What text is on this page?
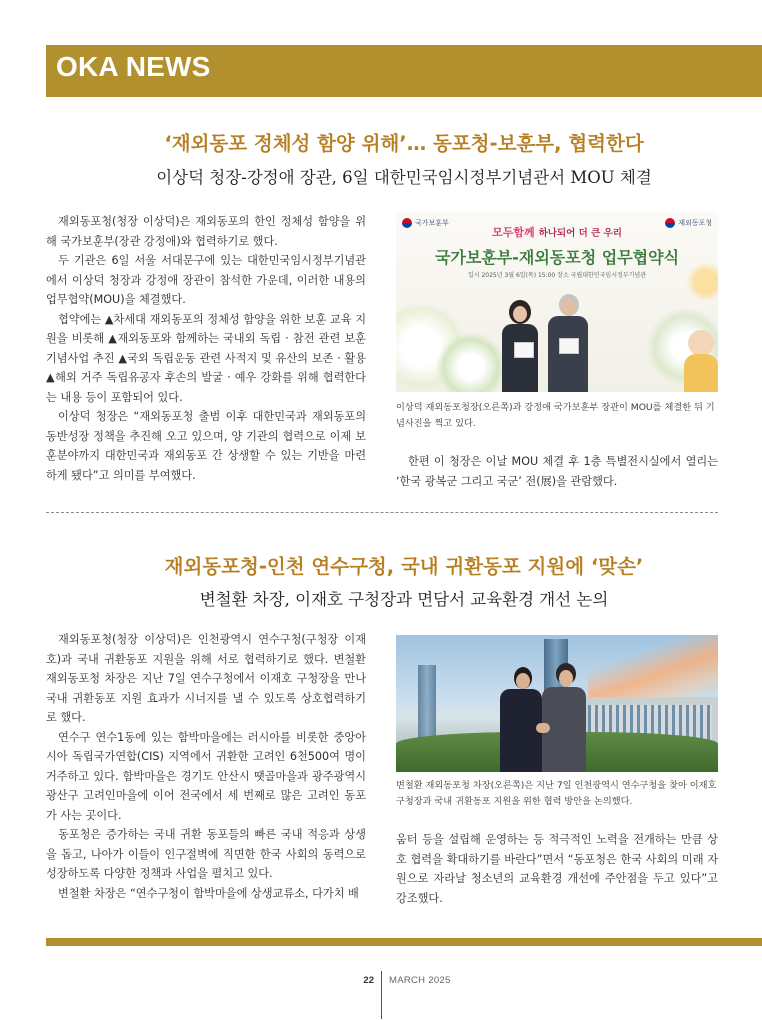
OKA NEWS
‘재외동포 정체성 함양 위해’… 동포청-보훈부, 협력한다
이상덕 청장-강정애 장관, 6일 대한민국임시정부기념관서 MOU 체결

재외동포청(청장 이상덕)은 재외동포의 한인 정체성 함양을 위해 국가보훈부(장관 강정애)와 협력하기로 했다.

두 기관은 6일 서울 서대문구에 있는 대한민국임시정부기념관에서 이상덕 청장과 강정애 장관이 참석한 가운데, 이러한 내용의 업무협약(MOU)을 체결했다.

협약에는 ▲차세대 재외동포의 정체성 함양을 위한 보훈 교육 지원을 비롯해 ▲재외동포와 함께하는 국내외 독립 · 참전 관련 보훈기념사업 추진 ▲국외 독립운동 관련 사적지 및 유산의 보존 · 활용 ▲해외 거주 독립유공자 후손의 발굴 · 예우 강화를 위해 협력한다는 내용 등이 포함되어 있다.

이상덕 청장은 “재외동포청 출범 이후 대한민국과 재외동포의 동반성장 정책을 추진해 오고 있으며, 양 기관의 협력으로 이제 보훈분야까지 대한민국과 재외동포 간 상생할 수 있는 기반을 마련하게 됐다”고 의미를 부여했다.

국가보훈부	재외동포청
모두함께 하나되어 더 큰 우리
국가보훈부-재외동포청 업무협약식
일시 2025년 3월 6일(목) 15:00 장소 국립대한민국임시정부기념관
이상덕 재외동포청장(오른쪽)과 강정애 국가보훈부 장관이 MOU를 체결한 뒤 기념사진을 찍고 있다.

한편 이 청장은 이날 MOU 체결 후 1층 특별전시실에서 열리는 ‘한국 광복군 그리고 국군’ 전(展)을 관람했다.

재외동포청-인천 연수구청, 국내 귀환동포 지원에 ‘맞손’
변철환 차장, 이재호 구청장과 면담서 교육환경 개선 논의

재외동포청(청장 이상덕)은 인천광역시 연수구청(구청장 이재호)과 국내 귀환동포 지원을 위해 서로 협력하기로 했다. 변철환 재외동포청 차장은 지난 7일 연수구청에서 이재호 구청장을 만나 국내 귀환동포 지원 효과가 시너지를 낼 수 있도록 상호협력하기로 했다.

연수구 연수1동에 있는 함박마을에는 러시아를 비롯한 중앙아시아 독립국가연합(CIS) 지역에서 귀환한 고려인 6천500여 명이 거주하고 있다. 함박마을은 경기도 안산시 땟골마을과 광주광역시 광산구 고려인마을에 이어 전국에서 세 번째로 많은 고려인 동포가 사는 곳이다.

동포청은 증가하는 국내 귀환 동포들의 빠른 국내 적응과 상생을 돕고, 나아가 이들이 인구절벽에 직면한 한국 사회의 동력으로 성장하도록 다양한 정책과 사업을 펼치고 있다.

변철환 차장은 “연수구청이 함박마을에 상생교류소, 다가치 배

변철환 재외동포청 차장(오른쪽)은 지난 7일 인천광역시 연수구청을 찾아 이재호 구청장과 국내 귀환동포 지원을 위한 협력 방안을 논의했다.

움터 등을 설립해 운영하는 등 적극적인 노력을 전개하는 만큼 상호 협력을 확대하기를 바란다”면서 “동포청은 한국 사회의 미래 자원으로 자라날 청소년의 교육환경 개선에 주안점을 두고 있다”고 강조했다.

22 MARCH 2025
